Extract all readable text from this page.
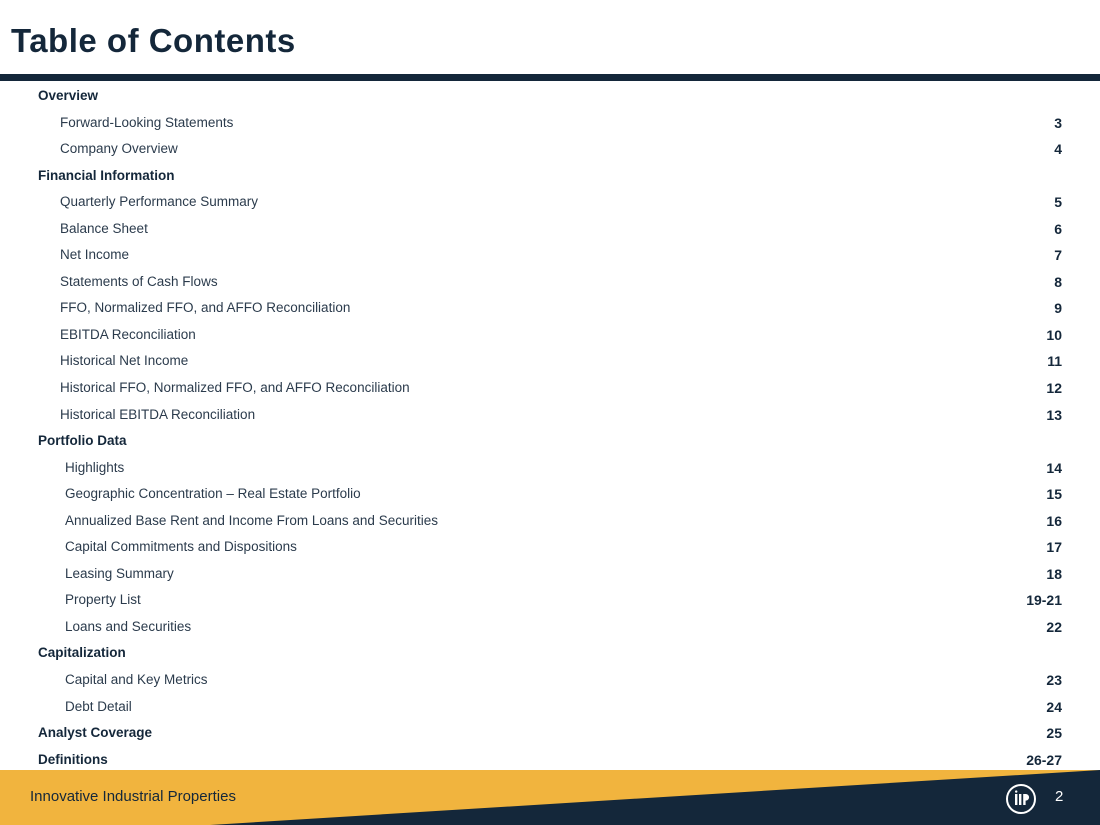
Table of Contents
Overview
Forward-Looking Statements	3
Company Overview	4
Financial Information
Quarterly Performance Summary	5
Balance Sheet	6
Net Income	7
Statements of Cash Flows	8
FFO, Normalized FFO, and AFFO Reconciliation	9
EBITDA Reconciliation	10
Historical Net Income	11
Historical FFO, Normalized FFO, and AFFO Reconciliation	12
Historical EBITDA Reconciliation	13
Portfolio Data
Highlights	14
Geographic Concentration – Real Estate Portfolio	15
Annualized Base Rent and Income From Loans and Securities	16
Capital Commitments and Dispositions	17
Leasing Summary	18
Property List	19-21
Loans and Securities	22
Capitalization
Capital and Key Metrics	23
Debt Detail	24
Analyst Coverage	25
Definitions	26-27
Innovative Industrial Properties	2
